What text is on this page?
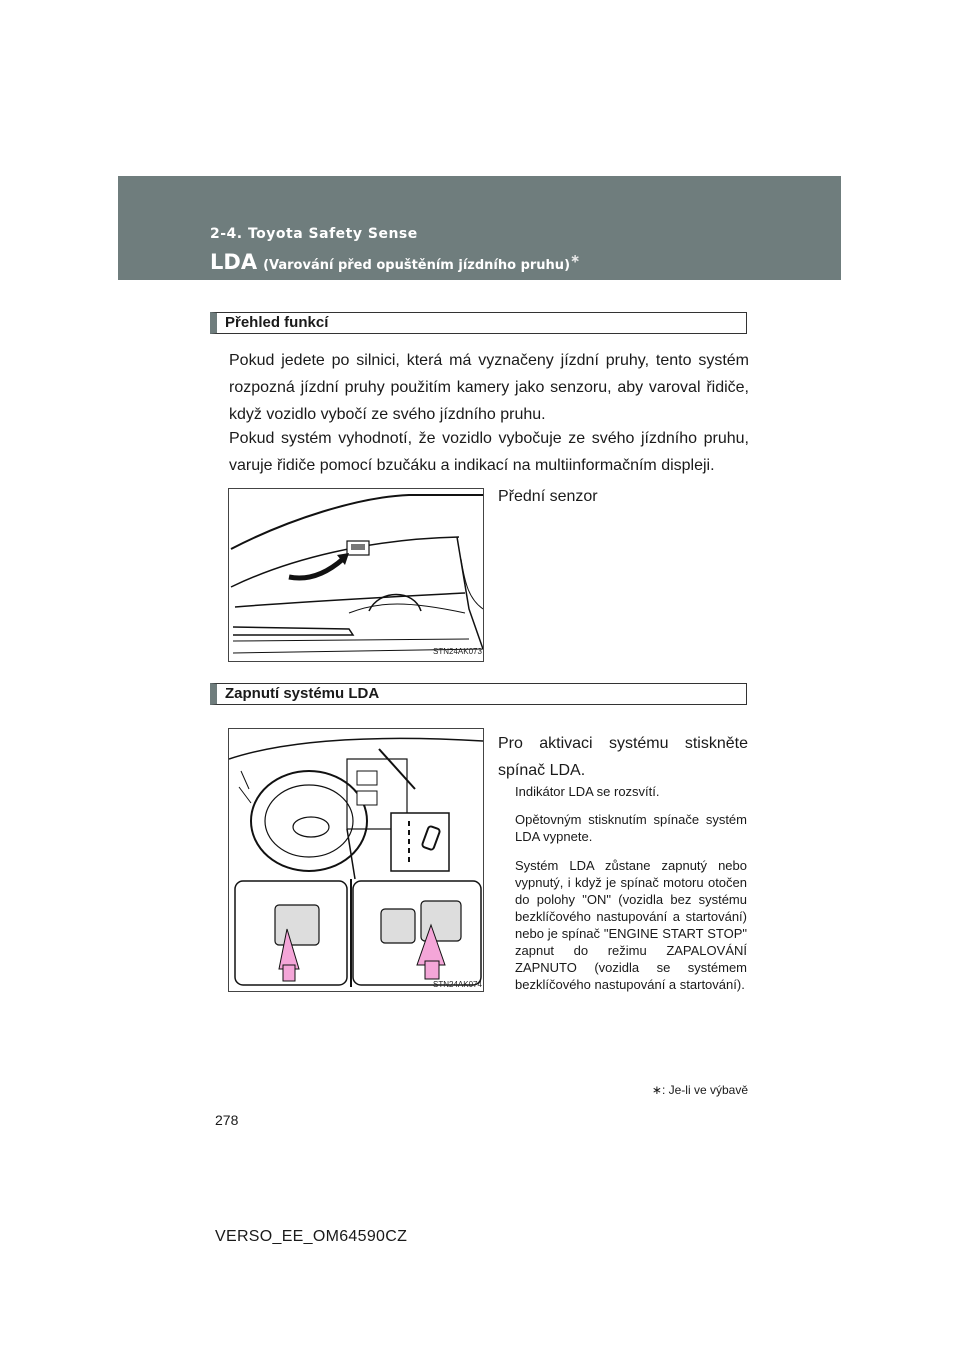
2-4. Toyota Safety Sense
LDA (Varování před opuštěním jízdního pruhu)∗
Přehled funkcí
Pokud jedete po silnici, která má vyznačeny jízdní pruhy, tento systém rozpozná jízdní pruhy použitím kamery jako senzoru, aby varoval řidiče, když vozidlo vybočí ze svého jízdního pruhu.
Pokud systém vyhodnotí, že vozidlo vybočuje ze svého jízdního pruhu, varuje řidiče pomocí bzučáku a indikací na multiinformačním displeji.
STN24AK073
Přední senzor
Zapnutí systému LDA
STN24AK074
Pro aktivaci systému stiskněte spínač LDA.
Indikátor LDA se rozsvítí.
Opětovným stisknutím spínače systém LDA vypnete.
Systém LDA zůstane zapnutý nebo vypnutý, i když je spínač motoru otočen do polohy "ON" (vozidla bez systému bezklíčového nastupování a startování) nebo je spínač "ENGINE START STOP" zapnut do režimu ZAPALOVÁNÍ ZAPNUTO (vozidla se systémem bezklíčového nastupování a startování).
∗: Je-li ve výbavě
278
VERSO_EE_OM64590CZ
